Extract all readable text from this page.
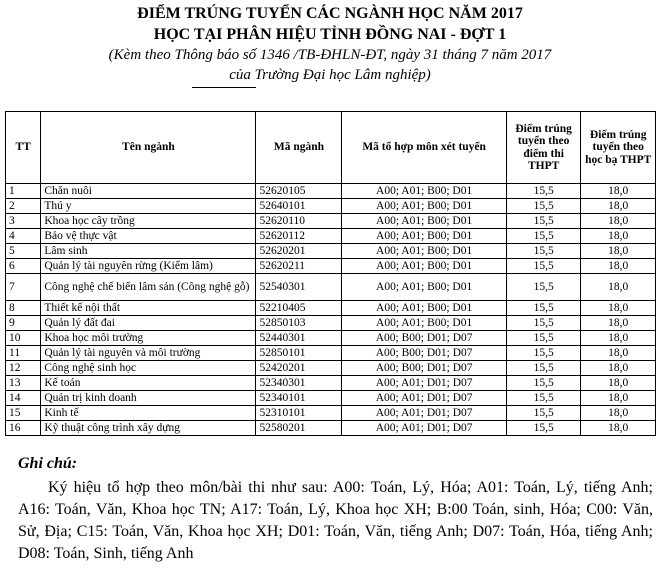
ĐIỂM TRÚNG TUYỂN CÁC NGÀNH HỌC NĂM 2017
HỌC TẠI PHÂN HIỆU TỈNH ĐỒNG NAI - ĐỢT 1
(Kèm theo Thông báo số 1346 /TB-ĐHLN-ĐT, ngày 31 tháng 7 năm 2017
của Trường Đại học Lâm nghiệp)
TT	Tên ngành	Mã ngành	Mã tổ hợp môn xét tuyển	Điểm trúng tuyển theo điểm thi THPT	Điểm trúng tuyển theo học bạ THPT
1	Chăn nuôi	52620105	A00; A01; B00; D01	15,5	18,0
2	Thú y	52640101	A00; A01; B00; D01	15,5	18,0
3	Khoa học cây trồng	52620110	A00; A01; B00; D01	15,5	18,0
4	Bảo vệ thực vật	52620112	A00; A01; B00; D01	15,5	18,0
5	Lâm sinh	52620201	A00; A01; B00; D01	15,5	18,0
6	Quản lý tài nguyên rừng (Kiểm lâm)	52620211	A00; A01; B00; D01	15,5	18,0
7	Công nghệ chế biến lâm sản (Công nghệ gỗ)	52540301	A00; A01; B00; D01	15,5	18,0
8	Thiết kế nội thất	52210405	A00; A01; B00; D01	15,5	18,0
9	Quản lý đất đai	52850103	A00; A01; B00; D01	15,5	18,0
10	Khoa học môi trường	52440301	A00; B00; D01; D07	15,5	18,0
11	Quản lý tài nguyên và môi trường	52850101	A00; B00; D01; D07	15,5	18,0
12	Công nghệ sinh học	52420201	A00; B00; D01; D07	15,5	18,0
13	Kế toán	52340301	A00; A01; D01; D07	15,5	18,0
14	Quản trị kinh doanh	52340101	A00; A01; D01; D07	15,5	18,0
15	Kinh tế	52310101	A00; A01; D01; D07	15,5	18,0
16	Kỹ thuật công trình xây dựng	52580201	A00; A01; D01; D07	15,5	18,0
Ghi chú:
Ký hiệu tổ hợp theo môn/bài thi như sau: A00: Toán, Lý, Hóa; A01: Toán, Lý, tiếng Anh; A16: Toán, Văn, Khoa học TN; A17: Toán, Lý, Khoa học XH; B:00 Toán, sinh, Hóa; C00: Văn, Sử, Địa; C15: Toán, Văn, Khoa học XH; D01: Toán, Văn, tiếng Anh; D07: Toán, Hóa, tiếng Anh; D08: Toán, Sinh, tiếng Anh
